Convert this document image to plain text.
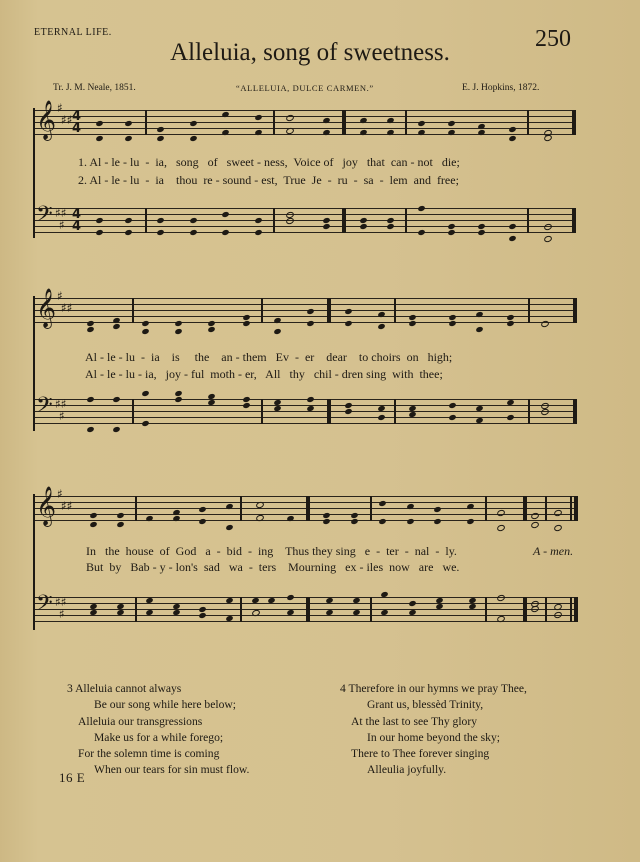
ETERNAL LIFE.	250
Alleluia, song of sweetness.
Tr. J. M. Neale, 1851.	“ALLELUIA, DULCE CARMEN.”	E. J. Hopkins, 1872.
𝄞 ♯
♯♯ 4
4
1. Al - le - lu  -  ia,   song   of   sweet - ness,  Voice of   joy   that  can - not   die;
2. Al - le - lu  -  ia    thou  re - sound - est,  True  Je  -  ru  -  sa  -  lem  and  free;
𝄢 ♯♯
♯
4
4
𝄞 ♯
♯♯
Al - le - lu  -  ia    is     the    an - them   Ev  -  er    dear    to choirs  on   high;
Al - le - lu - ia,   joy - ful  moth - er,   All   thy   chil - dren sing  with  thee;
𝄢 ♯♯
♯
𝄞 ♯
♯♯
In   the  house  of  God   a  -  bid  -  ing    Thus they sing   e  -  ter  -  nal  -  ly.	A - men.
But  by   Bab - y - lon's  sad   wa  -  ters    Mourning   ex - iles  now   are   we.
𝄢 ♯♯
♯
3 Alleluia cannot always
Be our song while here below;
Alleluia our transgressions
Make us for a while forego;
For the solemn time is coming
When our tears for sin must flow.
4 Therefore in our hymns we pray Thee,
Grant us, blessèd Trinity,
At the last to see Thy glory
In our home beyond the sky;
There to Thee forever singing
Alleulia joyfully.
16 E
